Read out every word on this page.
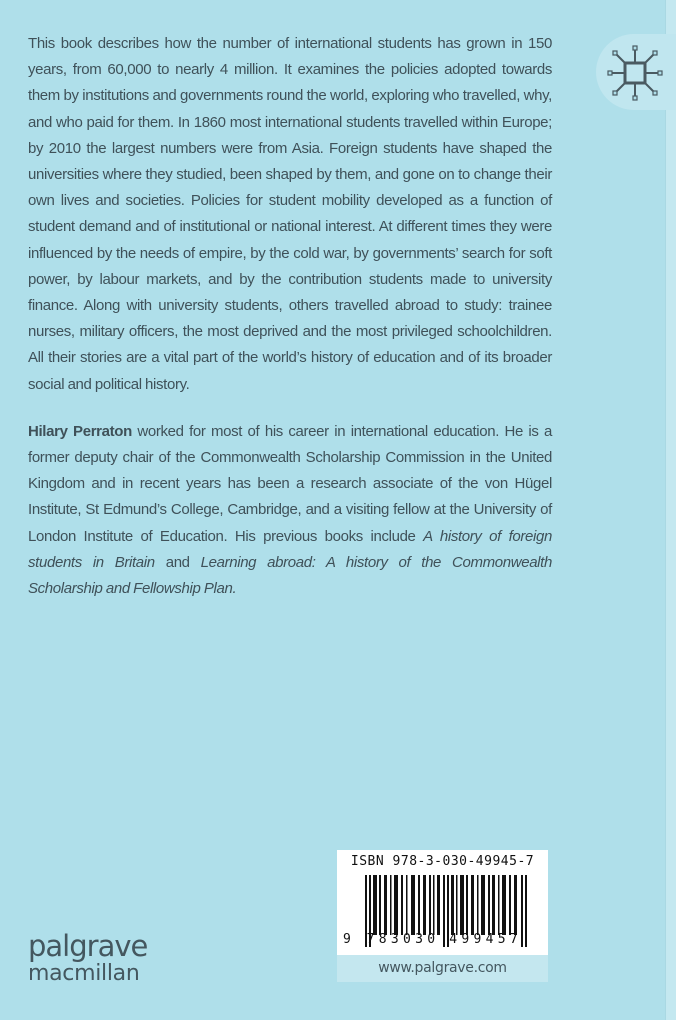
This book describes how the number of international students has grown in 150 years, from 60,000 to nearly 4 million. It examines the policies adopted towards them by institutions and governments round the world, exploring who travelled, why, and who paid for them. In 1860 most international students travelled within Europe; by 2010 the largest numbers were from Asia. Foreign students have shaped the universities where they studied, been shaped by them, and gone on to change their own lives and societies. Policies for student mobility developed as a function of student demand and of institutional or national interest. At different times they were influenced by the needs of empire, by the cold war, by governments’ search for soft power, by labour markets, and by the contribution students made to university finance. Along with university students, others travelled abroad to study: trainee nurses, military officers, the most deprived and the most privileged schoolchildren. All their stories are a vital part of the world’s history of education and of its broader social and political history.

Hilary Perraton worked for most of his career in international education. He is a former deputy chair of the Commonwealth Scholarship Commission in the United Kingdom and in recent years has been a research associate of the von Hügel Institute, St Edmund’s College, Cambridge, and a visiting fellow at the University of London Institute of Education. His previous books include A history of foreign students in Britain and Learning abroad: A history of the Commonwealth Scholarship and Fellowship Plan.

palgrave
macmillan
ISBN 978-3-030-49945-7
9 783030 499457
www.palgrave.com
